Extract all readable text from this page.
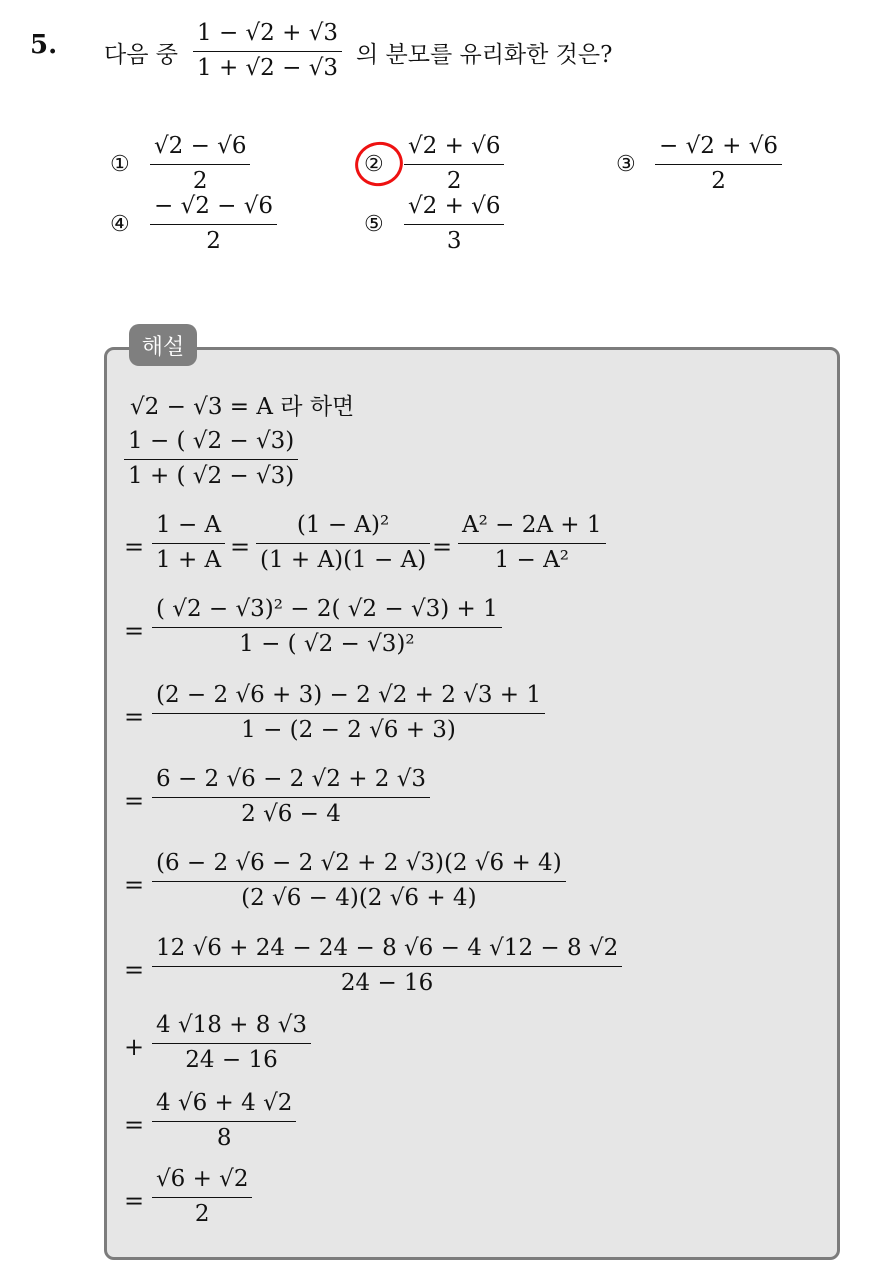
5. 다음 중
1 − √2 + √3
1 + √2 − √3 의 분모를 유리화한 것은?
①
√2 − √6
2
②
√2 + √6
2
③
− √2 + √6
2
④
− √2 − √6
2
⑤
√2 + √6
3
해설
√2 − √3 = A 라 하면
1 − ( √2 − √3)
1 + ( √2 − √3)
=
1 − A
1 + A =
(1 − A)²
(1 + A)(1 − A) =
A² − 2A + 1
1 − A²
=
( √2 − √3)² − 2( √2 − √3) + 1
1 − ( √2 − √3)²
=
(2 − 2 √6 + 3) − 2 √2 + 2 √3 + 1
1 − (2 − 2 √6 + 3)
=
6 − 2 √6 − 2 √2 + 2 √3
2 √6 − 4
=
(6 − 2 √6 − 2 √2 + 2 √3)(2 √6 + 4)
(2 √6 − 4)(2 √6 + 4)
=
12 √6 + 24 − 24 − 8 √6 − 4 √12 − 8 √2
24 − 16
+
4 √18 + 8 √3
24 − 16
=
4 √6 + 4 √2
8
=
√6 + √2
2
